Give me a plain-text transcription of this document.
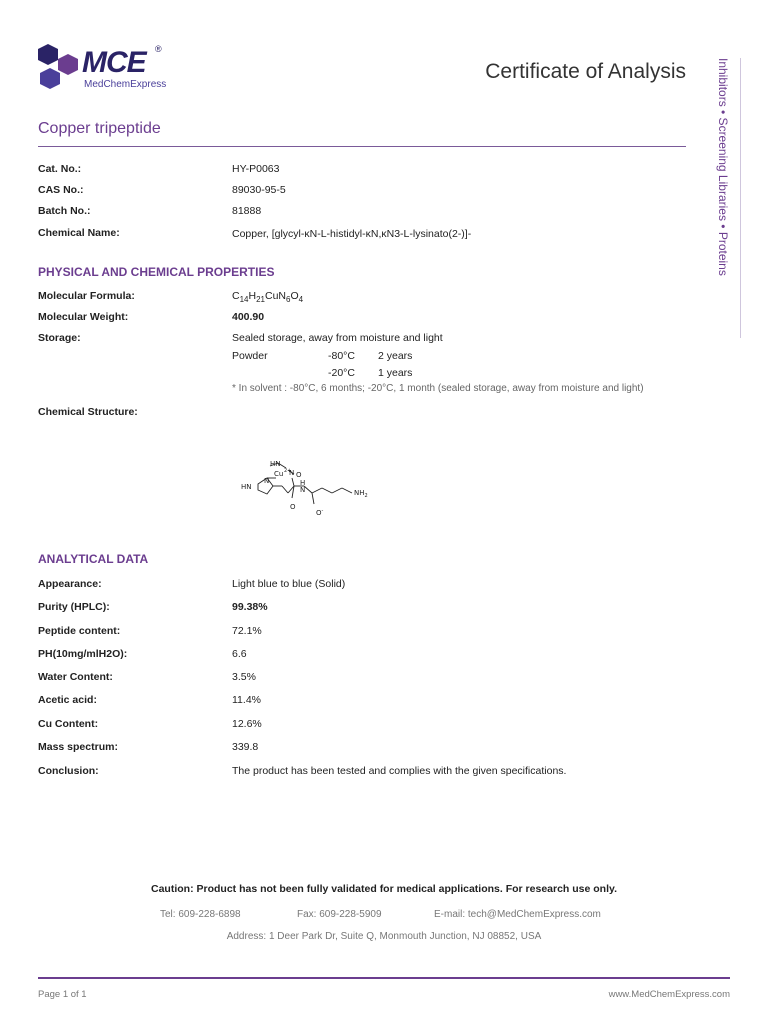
MCE ®
MedChemExpress
Certificate of Analysis	Inhibitors • Screening Libraries • Proteins
Copper tripeptide
Cat. No.:	HY-P0063
CAS No.:	89030-95-5
Batch No.:	81888
Chemical Name:	Copper, [glycyl-κN-L-histidyl-κN,κN3-L-lysinato(2-)]-
PHYSICAL AND CHEMICAL PROPERTIES
Molecular Formula:	$C_{14}H_{21}CuN_6O_4$
Molecular Weight:	400.90
Storage:	Sealed storage, away from moisture and light
Powder	-80°C 2 years
-20°C 1 years
* In solvent : -80°C, 6 months; -20°C, 1 month (sealed storage, away from moisture and light)
Chemical Structure:
HN
Cu 2+
N O
HN
N	H
N	$NH_2$
O
O-
ANALYTICAL DATA
Appearance:	Light blue to blue (Solid)
Purity (HPLC):	99.38%
Peptide content:	72.1%
PH(10mg/mlH2O):	6.6
Water Content:	3.5%
Acetic acid:	11.4%
Cu Content:	12.6%
Mass spectrum:	339.8
Conclusion:	The product has been tested and complies with the given specifications.
Caution: Product has not been fully validated for medical applications. For research use only.
Tel: 609-228-6898	Fax: 609-228-5909	E-mail: tech@MedChemExpress.com
Address: 1 Deer Park Dr, Suite Q, Monmouth Junction, NJ 08852, USA
Page 1 of 1	www.MedChemExpress.com
